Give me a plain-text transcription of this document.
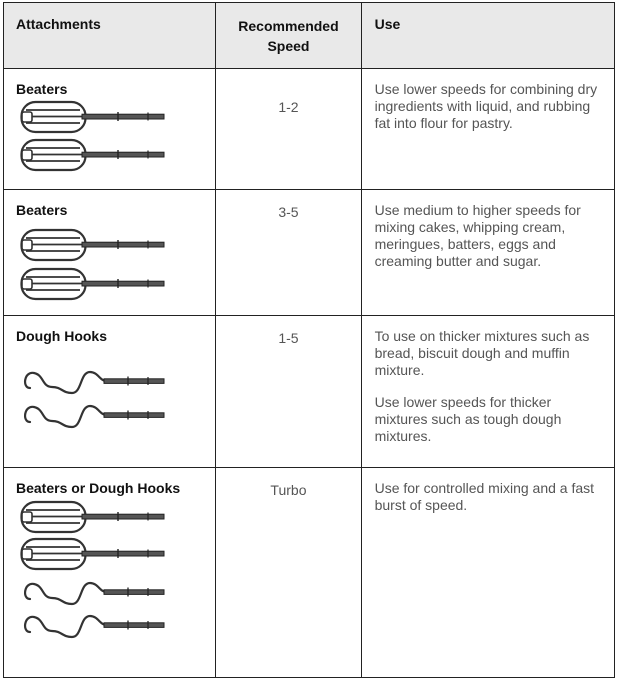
Attachments	Recommended Speed	Use

Beaters	1-2	Use lower speeds for combining dry ingredients with liquid, and rubbing fat into flour for pastry.

Beaters	3-5	Use medium to higher speeds for mixing cakes, whipping cream, meringues, batters, eggs and creaming butter and sugar.

Dough Hooks	1-5	To use on thicker mixtures such as bread, biscuit dough and muffin mixture.

Use lower speeds for thicker mixtures such as tough dough mixtures.

Beaters or Dough Hooks	Turbo	Use for controlled mixing and a fast burst of speed.
